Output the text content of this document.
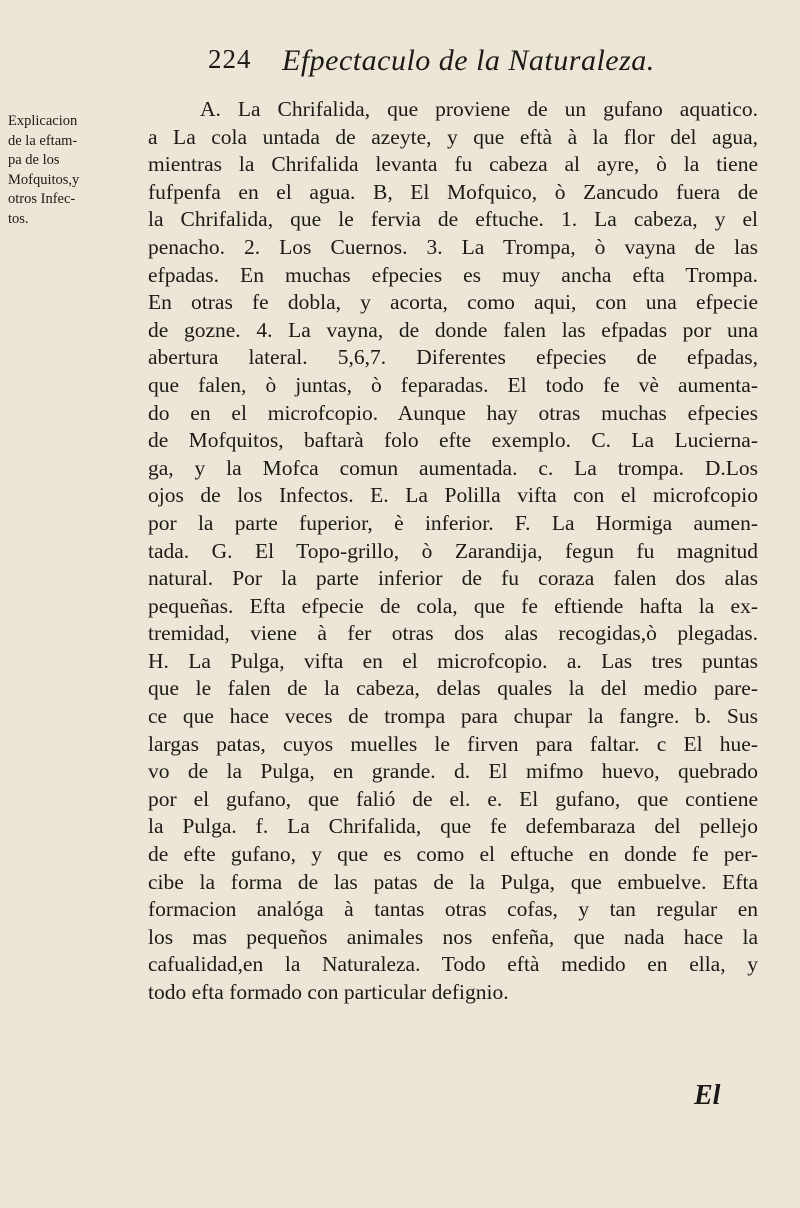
224 Efpectaculo de la Naturaleza.
Explicacion
de la eftam-
pa de los
Mofquitos,y
otros Infec-
tos.
A. La Chrifalida, que proviene de un gufano aquatico.
a La cola untada de azeyte, y que eftà à la flor del agua,
mientras la Chrifalida levanta fu cabeza al ayre, ò la tiene
fufpenfa en el agua. B, El Mofquico, ò Zancudo fuera de
la Chrifalida, que le fervia de eftuche. 1. La cabeza, y el
penacho. 2. Los Cuernos. 3. La Trompa, ò vayna de las
efpadas. En muchas efpecies es muy ancha efta Trompa.
En otras fe dobla, y acorta, como aqui, con una efpecie
de gozne. 4. La vayna, de donde falen las efpadas por una
abertura lateral. 5,6,7. Diferentes efpecies de efpadas,
que falen, ò juntas, ò feparadas. El todo fe vè aumenta-
do en el microfcopio. Aunque hay otras muchas efpecies
de Mofquitos, baftarà folo efte exemplo. C. La Lucierna-
ga, y la Mofca comun aumentada. c. La trompa. D.Los
ojos de los Infectos. E. La Polilla vifta con el microfcopio
por la parte fuperior, è inferior. F. La Hormiga aumen-
tada. G. El Topo-grillo, ò Zarandija, fegun fu magnitud
natural. Por la parte inferior de fu coraza falen dos alas
pequeñas. Efta efpecie de cola, que fe eftiende hafta la ex-
tremidad, viene à fer otras dos alas recogidas,ò plegadas.
H. La Pulga, vifta en el microfcopio. a. Las tres puntas
que le falen de la cabeza, delas quales la del medio pare-
ce que hace veces de trompa para chupar la fangre. b. Sus
largas patas, cuyos muelles le firven para faltar. c El hue-
vo de la Pulga, en grande. d. El mifmo huevo, quebrado
por el gufano, que falió de el. e. El gufano, que contiene
la Pulga. f. La Chrifalida, que fe defembaraza del pellejo
de efte gufano, y que es como el eftuche en donde fe per-
cibe la forma de las patas de la Pulga, que embuelve. Efta
formacion analóga à tantas otras cofas, y tan regular en
los mas pequeños animales nos enfeña, que nada hace la
cafualidad,en la Naturaleza. Todo eftà medido en ella, y
todo efta formado con particular defignio.
El
